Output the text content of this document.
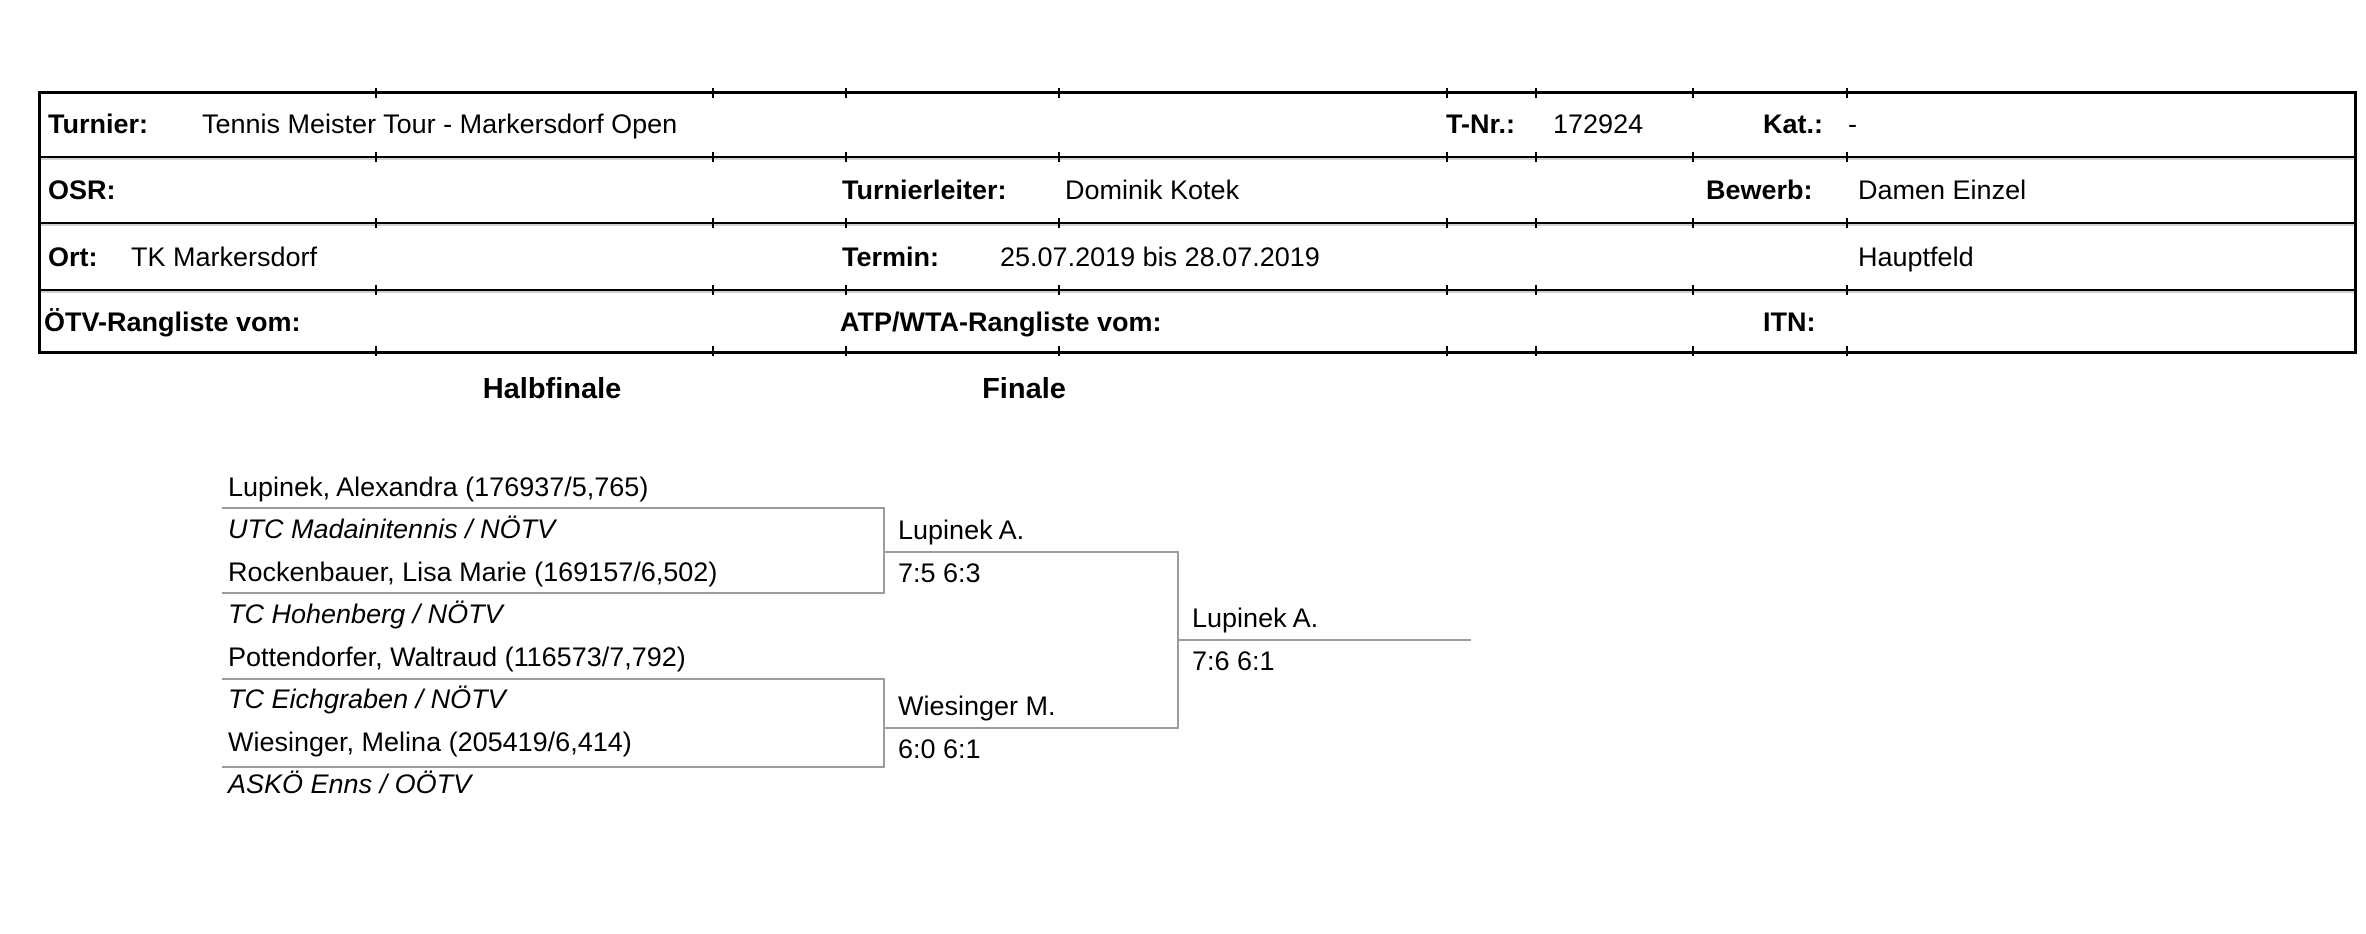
Turnier: Tennis Meister Tour - Markersdorf Open	T-Nr.: 172924	Kat.: -
OSR:	Turnierleiter: Dominik Kotek	Bewerb: Damen Einzel
Ort: TK Markersdorf	Termin: 25.07.2019 bis 28.07.2019	Hauptfeld
ÖTV-Rangliste vom:	ATP/WTA-Rangliste vom:	ITN:
Halbfinale	Finale
Lupinek, Alexandra (176937/5,765)
UTC Madainitennis / NÖTV
Rockenbauer, Lisa Marie (169157/6,502)
TC Hohenberg / NÖTV
Pottendorfer, Waltraud (116573/7,792)
TC Eichgraben / NÖTV
Wiesinger, Melina (205419/6,414)
ASKÖ Enns / OÖTV
Lupinek A.
7:5 6:3
Wiesinger M.
6:0 6:1
Lupinek A.
7:6 6:1
